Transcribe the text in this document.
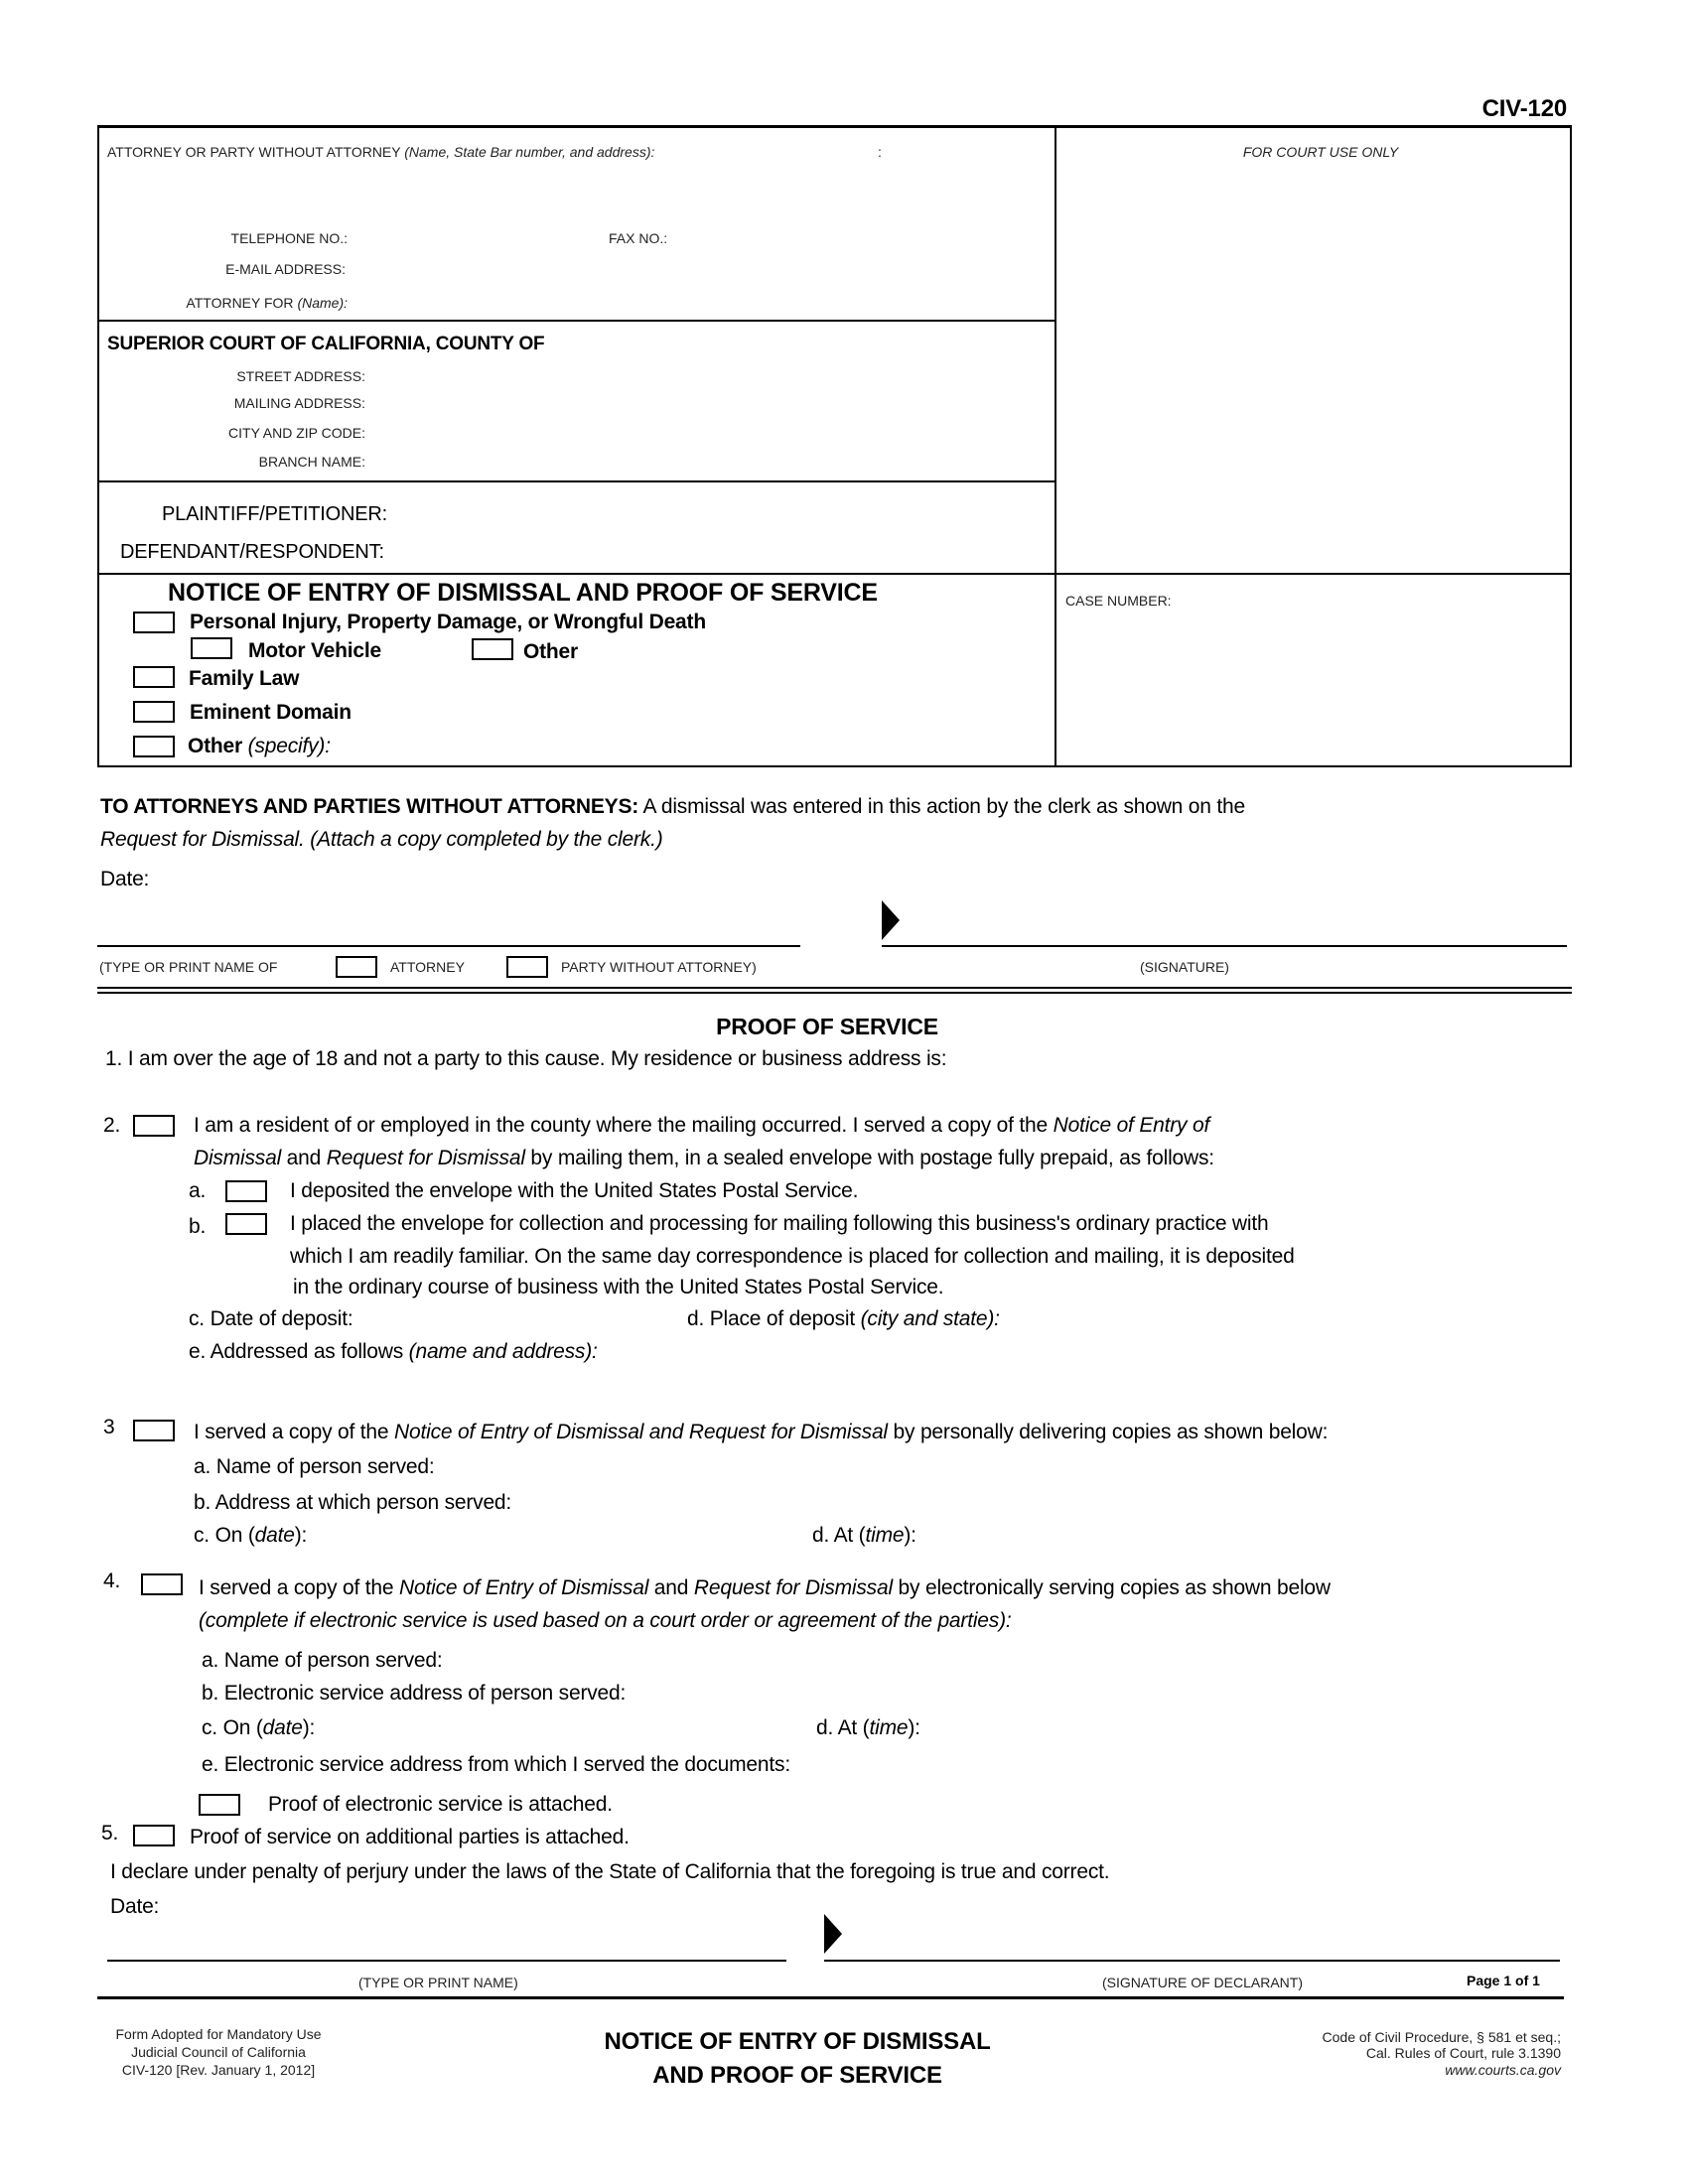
CIV-120
ATTORNEY OR PARTY WITHOUT ATTORNEY (Name, State Bar number, and address):	:	FOR COURT USE ONLY
TELEPHONE NO.:	FAX NO.:
E-MAIL ADDRESS:
ATTORNEY FOR (Name):
SUPERIOR COURT OF CALIFORNIA, COUNTY OF
STREET ADDRESS:
MAILING ADDRESS:
CITY AND ZIP CODE:
BRANCH NAME:
PLAINTIFF/PETITIONER:
DEFENDANT/RESPONDENT:
NOTICE OF ENTRY OF DISMISSAL AND PROOF OF SERVICE	CASE NUMBER:
Personal Injury, Property Damage, or Wrongful Death
Motor Vehicle	Other
Family Law
Eminent Domain
Other (specify):
TO ATTORNEYS AND PARTIES WITHOUT ATTORNEYS: A dismissal was entered in this action by the clerk as shown on the
Request for Dismissal. (Attach a copy completed by the clerk.)
Date:
(TYPE OR PRINT NAME OF	ATTORNEY	PARTY WITHOUT ATTORNEY)	(SIGNATURE)
PROOF OF SERVICE
1. I am over the age of 18 and not a party to this cause. My residence or business address is:
2.	I am a resident of or employed in the county where the mailing occurred. I served a copy of the Notice of Entry of
Dismissal and Request for Dismissal by mailing them, in a sealed envelope with postage fully prepaid, as follows:
a.	I deposited the envelope with the United States Postal Service.
b.	I placed the envelope for collection and processing for mailing following this business's ordinary practice with
which I am readily familiar. On the same day correspondence is placed for collection and mailing, it is deposited
in the ordinary course of business with the United States Postal Service.
c. Date of deposit:	d. Place of deposit (city and state):
e. Addressed as follows (name and address):
3	I served a copy of the Notice of Entry of Dismissal and Request for Dismissal by personally delivering copies as shown below:
a. Name of person served:
b. Address at which person served:
c. On (date):	d. At (time):
4.	I served a copy of the Notice of Entry of Dismissal and Request for Dismissal by electronically serving copies as shown below
(complete if electronic service is used based on a court order or agreement of the parties):
a. Name of person served:
b. Electronic service address of person served:
c. On (date):	d. At (time):
e. Electronic service address from which I served the documents:
Proof of electronic service is attached.
5.	Proof of service on additional parties is attached.
I declare under penalty of perjury under the laws of the State of California that the foregoing is true and correct.
Date:
(TYPE OR PRINT NAME)	(SIGNATURE OF DECLARANT)	Page 1 of 1
Form Adopted for Mandatory Use
Judicial Council of California
CIV-120 [Rev. January 1, 2012]
NOTICE OF ENTRY OF DISMISSAL
AND PROOF OF SERVICE
Code of Civil Procedure, § 581 et seq.;
Cal. Rules of Court, rule 3.1390
www.courts.ca.gov
